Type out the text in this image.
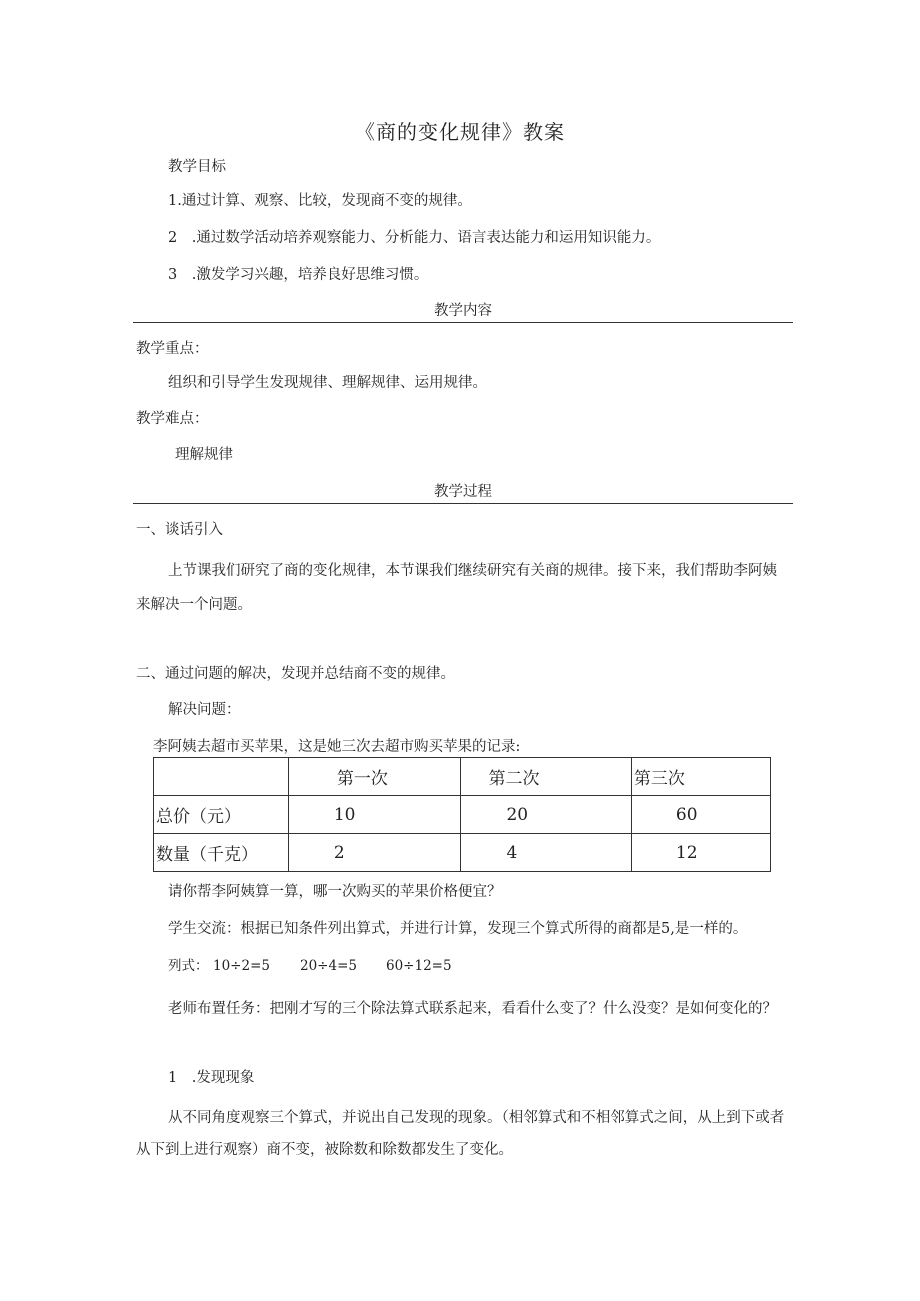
《商的变化规律》教案
教学目标
1.通过计算、观察、比较，发现商不变的规律。
2　.通过数学活动培养观察能力、分析能力、语言表达能力和运用知识能力。
3　.激发学习兴趣，培养良好思维习惯。
教学内容
教学重点：
组织和引导学生发现规律、理解规律、运用规律。
教学难点：
理解规律
教学过程
一、谈话引入
上节课我们研究了商的变化规律，本节课我们继续研究有关商的规律。接下来，我们帮助李阿姨来解决一个问题。
二、通过问题的解决，发现并总结商不变的规律。
解决问题：
李阿姨去超市买苹果，这是她三次去超市购买苹果的记录:
	第一次	第二次	第三次
总价（元）	10	20	60
数量（千克）	2	4	12
请你帮李阿姨算一算，哪一次购买的苹果价格便宜？
学生交流：根据已知条件列出算式，并进行计算，发现三个算式所得的商都是5,是一样的。
列式： 10÷2=5 20÷4=5 60÷12=5
老师布置任务：把刚才写的三个除法算式联系起来，看看什么变了？什么没变？是如何变化的？
1　.发现现象
从不同角度观察三个算式，并说出自己发现的现象。（相邻算式和不相邻算式之间，从上到下或者从下到上进行观察）商不变，被除数和除数都发生了变化。
